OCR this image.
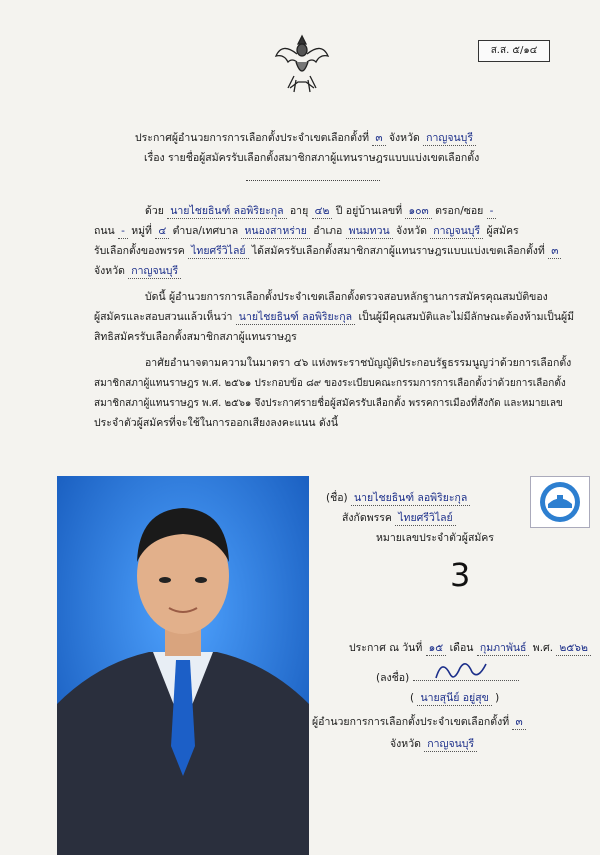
ส.ส. ๕/๑๔
ประกาศผู้อำนวยการการเลือกตั้งประจำเขตเลือกตั้งที่ ๓ จังหวัด กาญจนบุรี
เรื่อง รายชื่อผู้สมัครรับเลือกตั้งสมาชิกสภาผู้แทนราษฎรแบบแบ่งเขตเลือกตั้ง
ด้วย นายไชยธินฑ์ ลอพิริยะกุล อายุ ๔๒ ปี อยู่บ้านเลขที่ ๑๐๓ ตรอก/ซอย -
ถนน - หมู่ที่ ๔ ตำบล/เทศบาล หนองสาหร่าย อำเภอ พนมทวน จังหวัด กาญจนบุรี ผู้สมัคร
รับเลือกตั้งของพรรค ไทยศรีวิไลย์ ได้สมัครรับเลือกตั้งสมาชิกสภาผู้แทนราษฎรแบบแบ่งเขตเลือกตั้งที่ ๓
จังหวัด กาญจนบุรี
บัดนี้ ผู้อำนวยการการเลือกตั้งประจำเขตเลือกตั้งตรวจสอบหลักฐานการสมัครคุณสมบัติของ
ผู้สมัครและสอบสวนแล้วเห็นว่า นายไชยธินฑ์ ลอพิริยะกุล เป็นผู้มีคุณสมบัติและไม่มีลักษณะต้องห้ามเป็นผู้มี
สิทธิสมัครรับเลือกตั้งสมาชิกสภาผู้แทนราษฎร
อาศัยอำนาจตามความในมาตรา ๔๖ แห่งพระราชบัญญัติประกอบรัฐธรรมนูญว่าด้วยการเลือกตั้ง
สมาชิกสภาผู้แทนราษฎร พ.ศ. ๒๕๖๑ ประกอบข้อ ๘๙ ของระเบียบคณะกรรมการการเลือกตั้งว่าด้วยการเลือกตั้ง
สมาชิกสภาผู้แทนราษฎร พ.ศ. ๒๕๖๑ จึงประกาศรายชื่อผู้สมัครรับเลือกตั้ง พรรคการเมืองที่สังกัด และหมายเลข
ประจำตัวผู้สมัครที่จะใช้ในการออกเสียงลงคะแนน ดังนี้
(ชื่อ) นายไชยธินฑ์ ลอพิริยะกุล
สังกัดพรรค ไทยศรีวิไลย์
หมายเลขประจำตัวผู้สมัคร
3
ประกาศ ณ วันที่ ๑๕ เดือน กุมภาพันธ์ พ.ศ. ๒๕๖๒
(ลงชื่อ)
( นายสุนีย์ อยู่สุข )
ผู้อำนวยการการเลือกตั้งประจำเขตเลือกตั้งที่ ๓
จังหวัด กาญจนบุรี
